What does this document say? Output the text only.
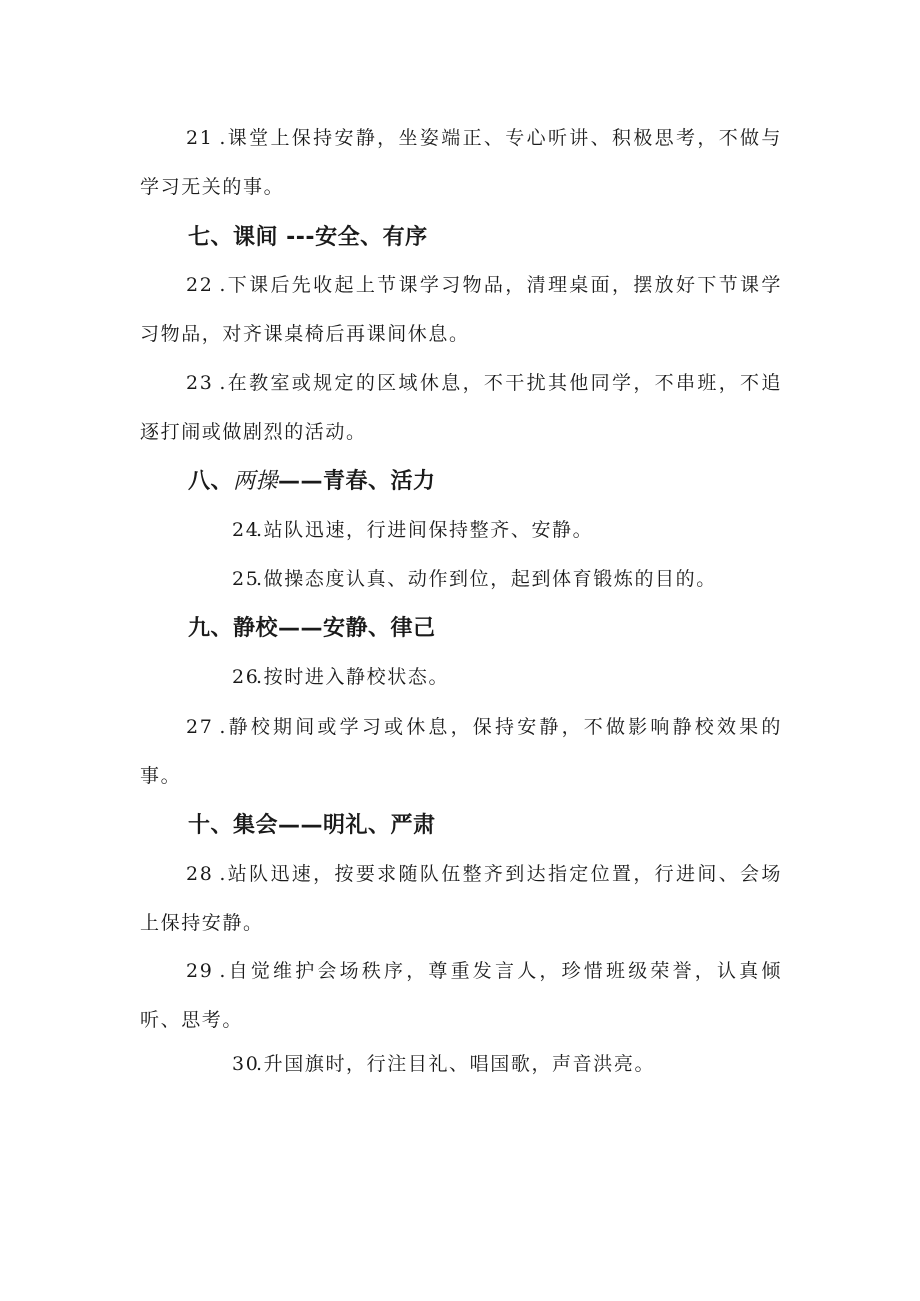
21 .课堂上保持安静，坐姿端正、专心听讲、积极思考，不做与学习无关的事。

七、课间 ---安全、有序

22 .下课后先收起上节课学习物品，清理桌面，摆放好下节课学习物品，对齐课桌椅后再课间休息。

23 .在教室或规定的区域休息，不干扰其他同学，不串班，不追逐打闹或做剧烈的活动。

八、两操——青春、活力

24.站队迅速，行进间保持整齐、安静。

25.做操态度认真、动作到位，起到体育锻炼的目的。

九、静校——安静、律己

26.按时进入静校状态。

27 .静校期间或学习或休息，保持安静，不做影响静校效果的事。

十、集会——明礼、严肃

28 .站队迅速，按要求随队伍整齐到达指定位置，行进间、会场上保持安静。

29 .自觉维护会场秩序，尊重发言人，珍惜班级荣誉，认真倾听、思考。

30.升国旗时，行注目礼、唱国歌，声音洪亮。
